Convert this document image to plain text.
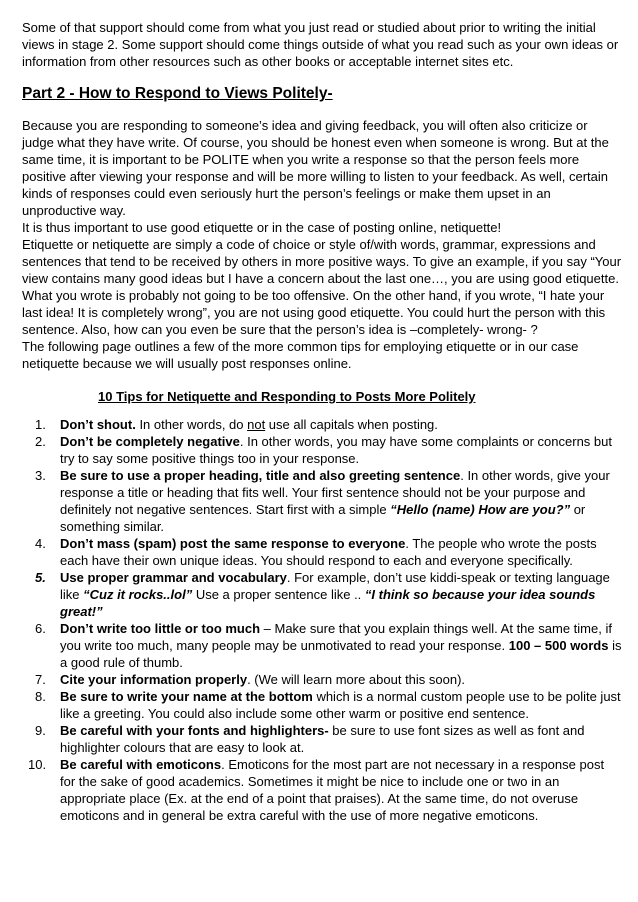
Some of that support should come from what you just read or studied about prior to writing the initial views in stage 2. Some support should come things outside of what you read such as your own ideas or information from other resources such as other books or acceptable internet sites etc.

Part 2 - How to Respond to Views Politely-

Because you are responding to someone’s idea and giving feedback, you will often also criticize or judge what they have write. Of course, you should be honest even when someone is wrong. But at the same time, it is important to be POLITE when you write a response so that the person feels more positive after viewing your response and will be more willing to listen to your feedback. As well, certain kinds of responses could even seriously hurt the person’s feelings or make them upset in an unproductive way.

It is thus important to use good etiquette or in the case of posting online, netiquette!

Etiquette or netiquette are simply a code of choice or style of/with words, grammar, expressions and sentences that tend to be received by others in more positive ways. To give an example, if you say “Your view contains many good ideas but I have a concern about the last one…, you are using good etiquette. What you wrote is probably not going to be too offensive. On the other hand, if you wrote, “I hate your last idea! It is completely wrong”, you are not using good etiquette. You could hurt the person with this sentence. Also, how can you even be sure that the person’s idea is –completely- wrong- ?

The following page outlines a few of the more common tips for employing etiquette or in our case netiquette because we will usually post responses online.

10 Tips for Netiquette and Responding to Posts More Politely

1. Don’t shout. In other words, do not use all capitals when posting.
2. Don’t be completely negative. In other words, you may have some complaints or concerns but try to say some positive things too in your response.
3. Be sure to use a proper heading, title and also greeting sentence. In other words, give your response a title or heading that fits well. Your first sentence should not be your purpose and definitely not negative sentences. Start first with a simple “Hello (name) How are you?” or something similar.
4. Don’t mass (spam) post the same response to everyone. The people who wrote the posts each have their own unique ideas. You should respond to each and everyone specifically.
5. Use proper grammar and vocabulary. For example, don’t use kiddi-speak or texting language like “Cuz it rocks..lol” Use a proper sentence like .. “I think so because your idea sounds great!”
6. Don’t write too little or too much – Make sure that you explain things well. At the same time, if you write too much, many people may be unmotivated to read your response. 100 – 500 words is a good rule of thumb.
7. Cite your information properly. (We will learn more about this soon).
8. Be sure to write your name at the bottom which is a normal custom people use to be polite just like a greeting. You could also include some other warm or positive end sentence.
9. Be careful with your fonts and highlighters- be sure to use font sizes as well as font and highlighter colours that are easy to look at.
10. Be careful with emoticons. Emoticons for the most part are not necessary in a response post for the sake of good academics. Sometimes it might be nice to include one or two in an appropriate place (Ex. at the end of a point that praises). At the same time, do not overuse emoticons and in general be extra careful with the use of more negative emoticons.
